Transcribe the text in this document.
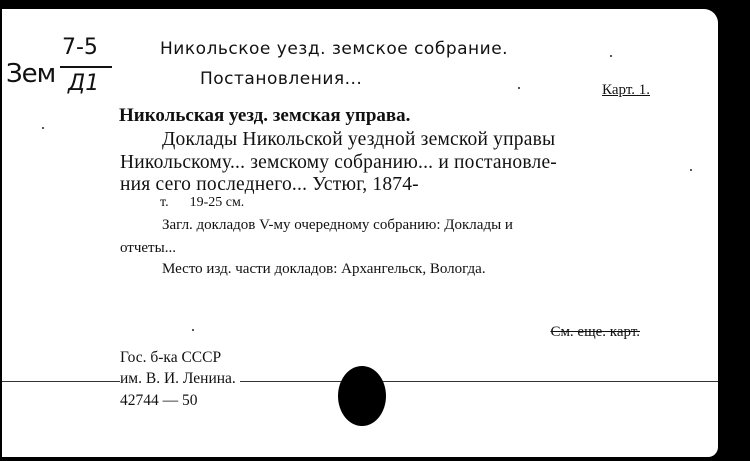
Зем
7-5
Д1
Никольское уезд. земское собрание.
Постановления...
Карт. 1.
Никольская уезд. земская управа.
Доклады Никольской уездной земской управы
Никольскому... земскому собранию... и постановле-
ния сего последнего... Устюг, 1874-
т.      19-25 см.
Загл. докладов V-му очередному собранию: Доклады и
отчеты...
Место изд. части докладов: Архангельск, Вологда.
См. еще. карт.
Гос. б-ка СССР
им. В. И. Ленина.
42744 — 50
